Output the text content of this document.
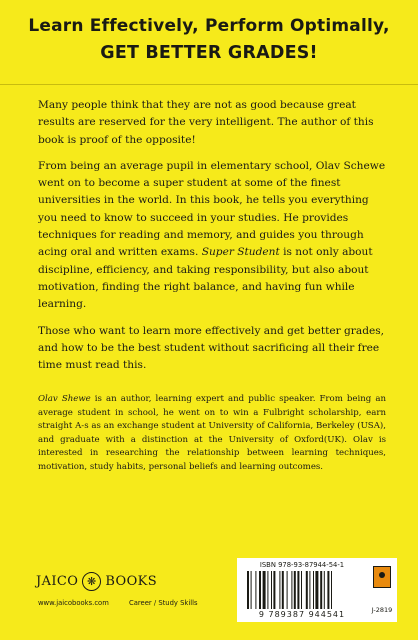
Learn Effectively, Perform Optimally,
GET BETTER GRADES!

Many people think that they are not as good because great results are reserved for the very intelligent. The author of this book is proof of the opposite!

From being an average pupil in elementary school, Olav Schewe went on to become a super student at some of the finest universities in the world. In this book, he tells you everything you need to know to succeed in your studies. He provides techniques for reading and memory, and guides you through acing oral and written exams. Super Student is not only about discipline, efficiency, and taking responsibility, but also about motivation, finding the right balance, and having fun while learning.

Those who want to learn more effectively and get better grades, and how to be the best student without sacrificing all their free time must read this.

Olav Shewe is an author, learning expert and public speaker. From being an average student in school, he went on to win a Fulbright scholarship, earn straight A-s as an exchange student at University of California, Berkeley (USA), and graduate with a distinction at the University of Oxford(UK). Olav is interested in researching the relationship between learning techniques, motivation, study habits, personal beliefs and learning outcomes.
JAICO ❋ BOOKS
www.jaicobooks.com	Career / Study Skills
ISBN 978-93-87944-54-1
9 789387 944541	J-2819
